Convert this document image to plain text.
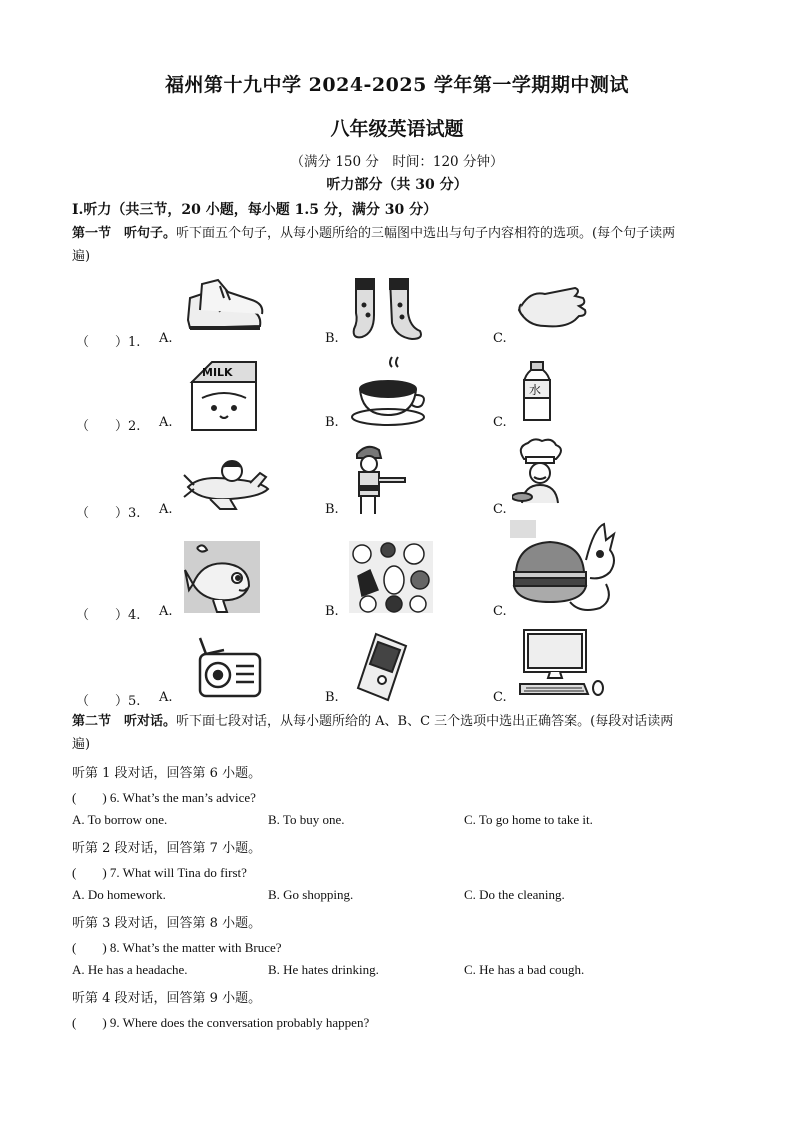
福州第十九中学 2024-2025 学年第一学期期中测试
八年级英语试题
（满分 150 分　时间：120 分钟）
听力部分（共 30 分）
Ⅰ.听力（共三节，20 小题，每小题 1.5 分，满分 30 分）
第一节　听句子。听下面五个句子，从每小题所给的三幅图中选出与句子内容相符的选项。(每个句子读两
遍)
（　　）1. A.	B.	C.
（　　）2. A.	B.	C.
MILK
水
（　　）3. A.	B.	C.
（　　）4. A.	B.	C.
（　　）5. A.	B.	C.
第二节　听对话。听下面七段对话，从每小题所给的 A、B、C 三个选项中选出正确答案。(每段对话读两
遍)
听第 1 段对话，回答第 6 小题。
(　　) 6. What’s the man’s advice?
A. To borrow one.	B. To buy one.	C. To go home to take it.
听第 2 段对话，回答第 7 小题。
(　　) 7. What will Tina do first?
A. Do homework.	B. Go shopping.	C. Do the cleaning.
听第 3 段对话，回答第 8 小题。
(　　) 8. What’s the matter with Bruce?
A. He has a headache.	B. He hates drinking.	C. He has a bad cough.
听第 4 段对话，回答第 9 小题。
(　　) 9. Where does the conversation probably happen?
